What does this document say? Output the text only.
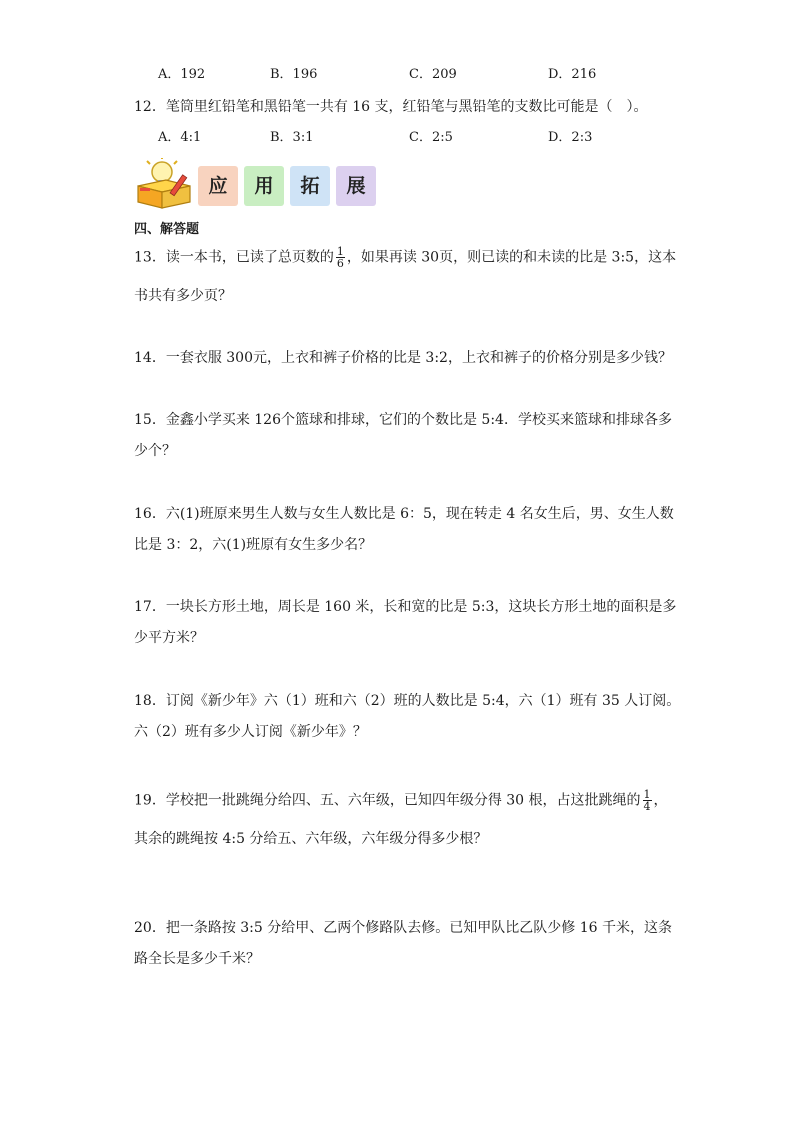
A．192	B．196	C．209	D．216
12．笔筒里红铅笔和黑铅笔一共有 16 支，红铅笔与黑铅笔的支数比可能是（　）。
A．4:1	B．3:1	C．2:5	D．2:3
应	用	拓	展
四、解答题
13．读一本书，已读了总页数的 $\frac{1}{6}$ ，如果再读 30页，则已读的和未读的比是 3:5，这本
书共有多少页？
14．一套衣服 300元，上衣和裤子价格的比是 3:2，上衣和裤子的价格分别是多少钱？
15．金鑫小学买来 126个篮球和排球，它们的个数比是 5:4．学校买来篮球和排球各多
少个？
16．六(1)班原来男生人数与女生人数比是 6：5，现在转走 4 名女生后，男、女生人数
比是 3：2，六(1)班原有女生多少名？
17．一块长方形土地，周长是 160 米，长和宽的比是 5:3，这块长方形土地的面积是多
少平方米？
18．订阅《新少年》六（1）班和六（2）班的人数比是 5:4，六（1）班有 35 人订阅。
六（2）班有多少人订阅《新少年》？
19．学校把一批跳绳分给四、五、六年级，已知四年级分得 30 根，占这批跳绳的 $\frac{1}{4}$ ，
其余的跳绳按 4:5 分给五、六年级，六年级分得多少根？
20．把一条路按 3:5 分给甲、乙两个修路队去修。已知甲队比乙队少修 16 千米，这条
路全长是多少千米？
